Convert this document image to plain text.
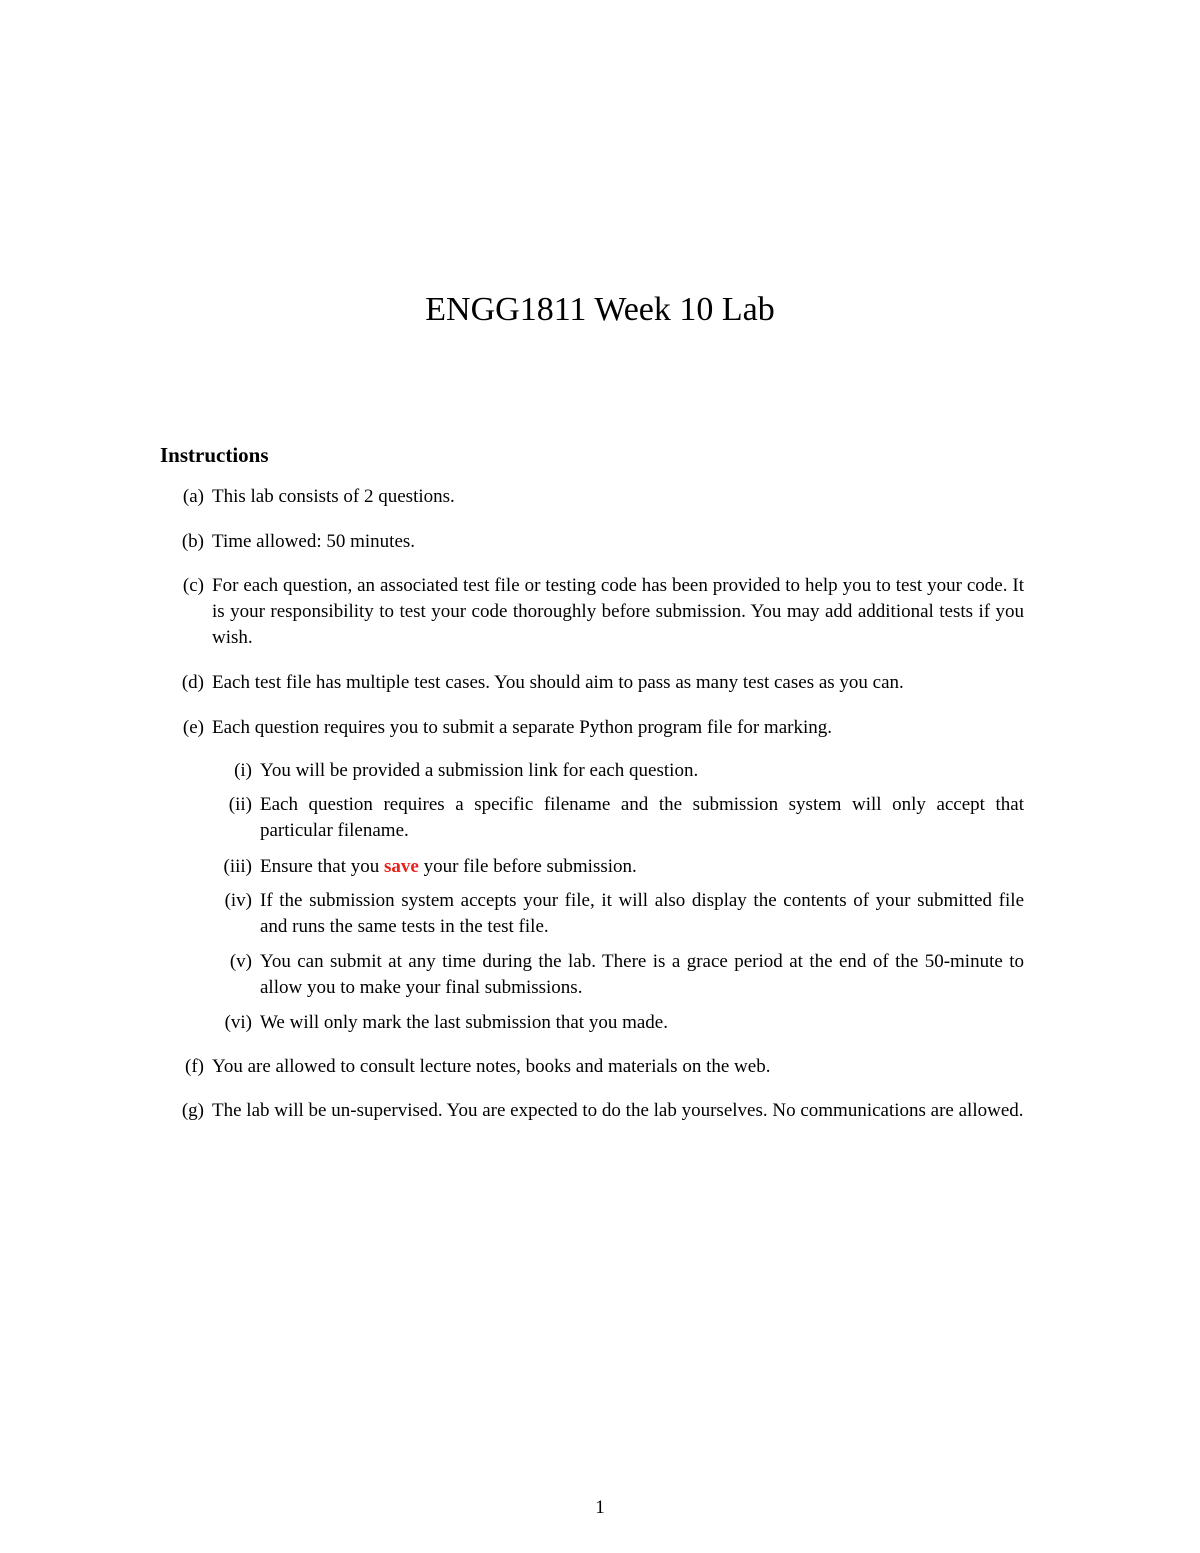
ENGG1811 Week 10 Lab
Instructions
(a) This lab consists of 2 questions.
(b) Time allowed: 50 minutes.
(c) For each question, an associated test file or testing code has been provided to help you to test your code. It is your responsibility to test your code thoroughly before submission. You may add additional tests if you wish.
(d) Each test file has multiple test cases. You should aim to pass as many test cases as you can.
(e) Each question requires you to submit a separate Python program file for marking.
(i) You will be provided a submission link for each question.
(ii) Each question requires a specific filename and the submission system will only accept that particular filename.
(iii) Ensure that you save your file before submission.
(iv) If the submission system accepts your file, it will also display the contents of your submitted file and runs the same tests in the test file.
(v) You can submit at any time during the lab. There is a grace period at the end of the 50-minute to allow you to make your final submissions.
(vi) We will only mark the last submission that you made.
(f) You are allowed to consult lecture notes, books and materials on the web.
(g) The lab will be un-supervised. You are expected to do the lab yourselves. No communications are allowed.
1
